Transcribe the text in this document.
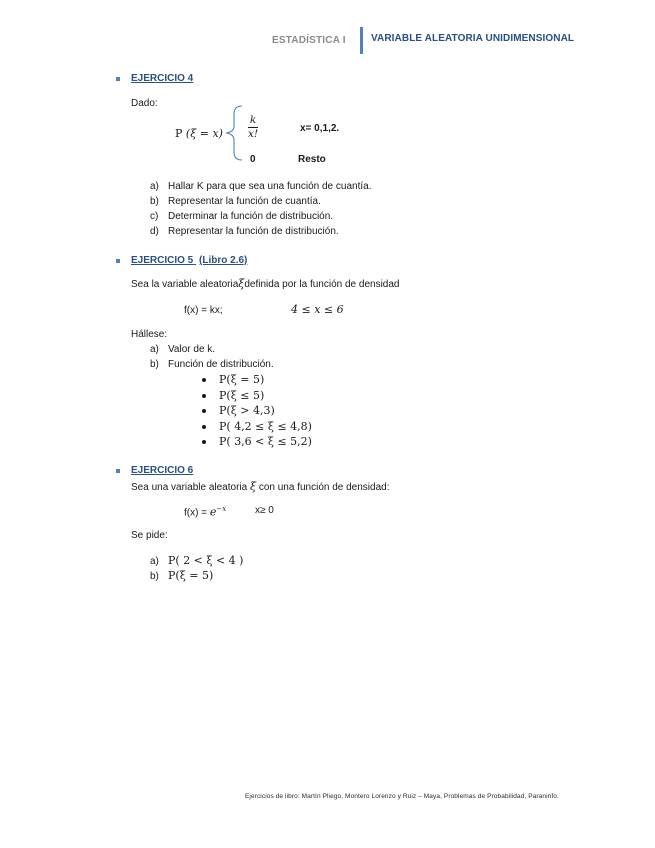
ESTADÍSTICA I	VARIABLE ALEATORIA UNIDIMENSIONAL
EJERCICIO 4
Dado:
P $(\xi = x) \frac{k}{x!}$	x= 0,1,2.
0	Resto
a) Hallar K para que sea una función de cuantía.
b) Representar la función de cuantía.
c) Determinar la función de distribución.
d) Representar la función de distribución.
EJERCICIO 5 (Libro 2.6)
Sea la variable aleatoriaξdefinida por la función de densidad
f(x) = kx;	4 ≤ x ≤ 6
Hállese:
a) Valor de k.
b) Función de distribución.
P(ξ = 5)
P(ξ ≤ 5)
P(ξ > 4,3)
P( 4,2 ≤ ξ ≤ 4,8)
P( 3,6 < ξ ≤ 5,2)
EJERCICIO 6
Sea una variable aleatoria ξ con una función de densidad:
$f(x) = e^{-x}$	x≥ 0
Se pide:
a) P( 2 < ξ < 4 )
b) P(ξ = 5)
Ejercicios de libro: Martín Pliego, Montero Lorenzo y Ruiz – Maya, Problemas de Probabilidad, Paraninfo.
